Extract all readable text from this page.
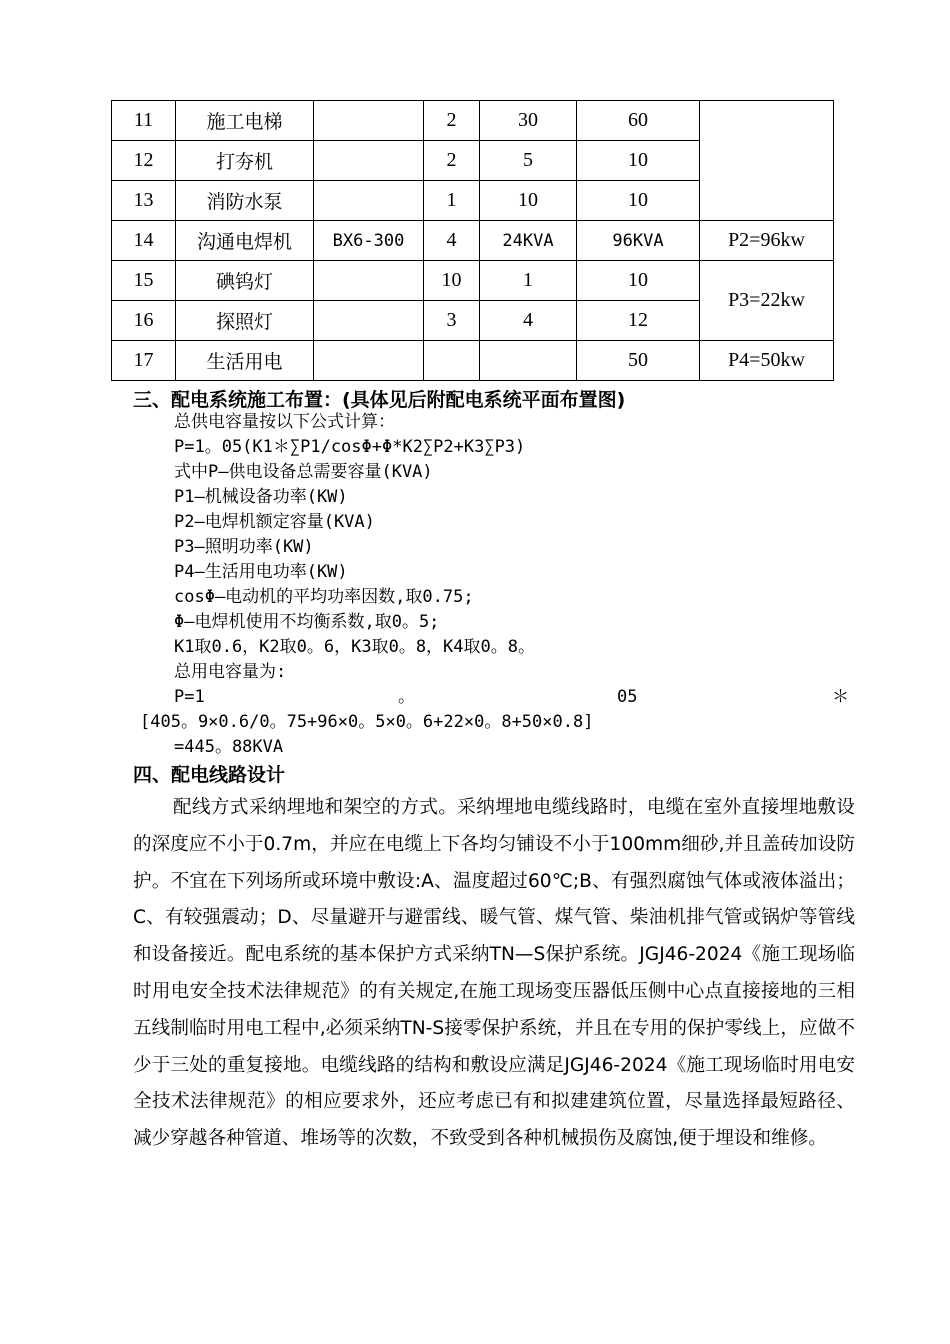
11	施工电梯		2	30	60	
12	打夯机		2	5	10	
13	消防水泵		1	10	10	
14	沟通电焊机	BX6-300	4	24KVA	96KVA	P2=96kw
15	碘钨灯		10	1	10	P3=22kw
16	探照灯		3	4	12	
17	生活用电				50	P4=50kw
三、配电系统施工布置：(具体见后附配电系统平面布置图)
总供电容量按以下公式计算：
P=1。05(K1＊∑P1/cosΦ+Φ*K2∑P2+K3∑P3)
式中P—供电设备总需要容量(KVA)
P1—机械设备功率(KW)
P2—电焊机额定容量(KVA)
P3—照明功率(KW)
P4—生活用电功率(KW)
cosΦ—电动机的平均功率因数,取0.75;
Φ—电焊机使用不均衡系数,取0。5;
K1取0.6，K2取0。6，K3取0。8，K4取0。8。
总用电容量为:
P=1	。	05	＊
[405。9×0.6/0。75+96×0。5×0。6+22×0。8+50×0.8]
=445。88KVA
四、配电线路设计

配线方式采纳埋地和架空的方式。采纳埋地电缆线路时，电缆在室外直接埋地敷设的深度应不小于0.7m，并应在电缆上下各均匀铺设不小于100mm细砂,并且盖砖加设防护。不宜在下列场所或环境中敷设:A、温度超过60℃;B、有强烈腐蚀气体或液体溢出；C、有较强震动；D、尽量避开与避雷线、暖气管、煤气管、柴油机排气管或锅炉等管线和设备接近。配电系统的基本保护方式采纳TN—S保护系统。JGJ46-2024《施工现场临时用电安全技术法律规范》的有关规定,在施工现场变压器低压侧中心点直接接地的三相五线制临时用电工程中,必须采纳TN-S接零保护系统，并且在专用的保护零线上，应做不少于三处的重复接地。电缆线路的结构和敷设应满足JGJ46-2024《施工现场临时用电安全技术法律规范》的相应要求外，还应考虑已有和拟建建筑位置，尽量选择最短路径、减少穿越各种管道、堆场等的次数，不致受到各种机械损伤及腐蚀,便于埋设和维修。
